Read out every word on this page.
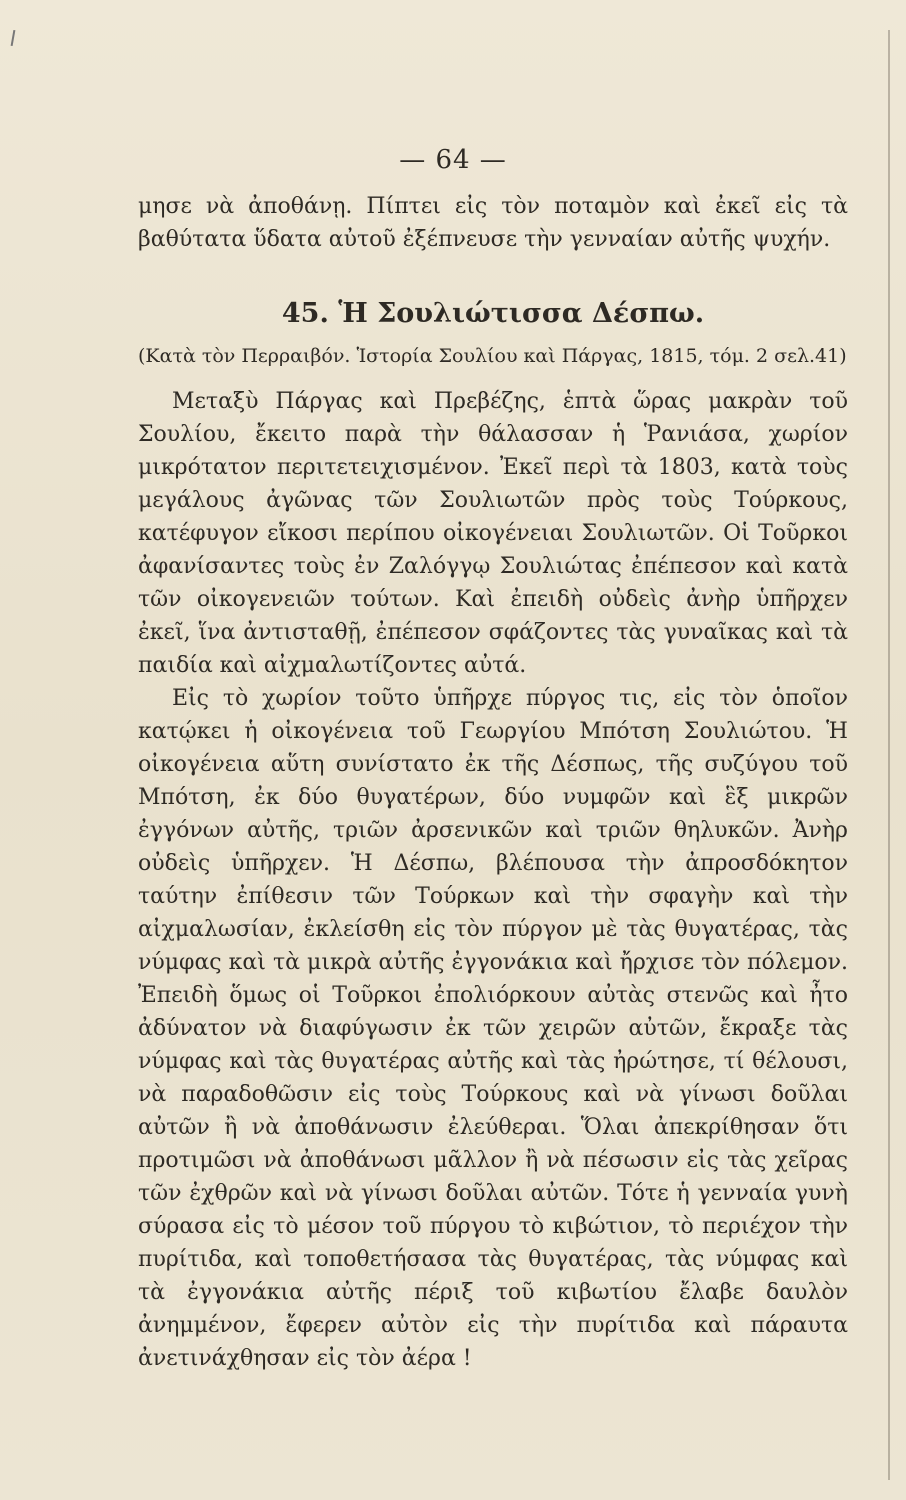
— 64 —

μησε νὰ ἀποθάνῃ. Πίπτει εἰς τὸν ποταμὸν καὶ ἐκεῖ εἰς τὰ βαθύτατα ὕδατα αὐτοῦ ἐξέπνευσε τὴν γενναίαν αὐτῆς ψυχήν.

45. Ἡ Σουλιώτισσα Δέσπω.
(Κατὰ τὸν Περραιβόν. Ἱστορία Σουλίου καὶ Πάργας, 1815, τόμ. 2 σελ.41)

Μεταξὺ Πάργας καὶ Πρεβέζης, ἑπτὰ ὥρας μακρὰν τοῦ Σουλίου, ἔκειτο παρὰ τὴν θάλασσαν ἡ Ῥανιάσα, χωρίον μικρότατον περιτετειχισμένον. Ἐκεῖ περὶ τὰ 1803, κατὰ τοὺς μεγάλους ἀγῶνας τῶν Σουλιωτῶν πρὸς τοὺς Τούρκους, κατέφυγον εἴκοσι περίπου οἰκογένειαι Σουλιωτῶν. Οἱ Τοῦρκοι ἀφανίσαντες τοὺς ἐν Ζαλόγγῳ Σουλιώτας ἐπέπεσον καὶ κατὰ τῶν οἰκογενειῶν τούτων. Καὶ ἐπειδὴ οὐδεὶς ἀνὴρ ὑπῆρχεν ἐκεῖ, ἵνα ἀντισταθῇ, ἐπέπεσον σφάζοντες τὰς γυναῖκας καὶ τὰ παιδία καὶ αἰχμαλωτίζοντες αὐτά.

Εἰς τὸ χωρίον τοῦτο ὑπῆρχε πύργος τις, εἰς τὸν ὁποῖον κατῴκει ἡ οἰκογένεια τοῦ Γεωργίου Μπότση Σουλιώτου. Ἡ οἰκογένεια αὕτη συνίστατο ἐκ τῆς Δέσπως, τῆς συζύγου τοῦ Μπότση, ἐκ δύο θυγατέρων, δύο νυμφῶν καὶ ἓξ μικρῶν ἐγγόνων αὐτῆς, τριῶν ἀρσενικῶν καὶ τριῶν θηλυκῶν. Ἀνὴρ οὐδεὶς ὑπῆρχεν. Ἡ Δέσπω, βλέπουσα τὴν ἀπροσδόκητον ταύτην ἐπίθεσιν τῶν Τούρκων καὶ τὴν σφαγὴν καὶ τὴν αἰχμαλωσίαν, ἐκλείσθη εἰς τὸν πύργον μὲ τὰς θυγατέρας, τὰς νύμφας καὶ τὰ μικρὰ αὐτῆς ἐγγονάκια καὶ ἤρχισε τὸν πόλεμον. Ἐπειδὴ ὅμως οἱ Τοῦρκοι ἐπολιόρκουν αὐτὰς στενῶς καὶ ἦτο ἀδύνατον νὰ διαφύγωσιν ἐκ τῶν χειρῶν αὐτῶν, ἔκραξε τὰς νύμφας καὶ τὰς θυγατέρας αὐτῆς καὶ τὰς ἠρώτησε, τί θέλουσι, νὰ παραδοθῶσιν εἰς τοὺς Τούρκους καὶ νὰ γίνωσι δοῦλαι αὐτῶν ἢ νὰ ἀποθάνωσιν ἐλεύθεραι. Ὅλαι ἀπεκρίθησαν ὅτι προτιμῶσι νὰ ἀποθάνωσι μᾶλλον ἢ νὰ πέσωσιν εἰς τὰς χεῖρας τῶν ἐχθρῶν καὶ νὰ γίνωσι δοῦλαι αὐτῶν. Τότε ἡ γενναία γυνὴ σύρασα εἰς τὸ μέσον τοῦ πύργου τὸ κιβώτιον, τὸ περιέχον τὴν πυρίτιδα, καὶ τοποθετήσασα τὰς θυγατέρας, τὰς νύμφας καὶ τὰ ἐγγονάκια αὐτῆς πέριξ τοῦ κιβωτίου ἔλαβε δαυλὸν ἀνημμένον, ἔφερεν αὐτὸν εἰς τὴν πυρίτιδα καὶ πάραυτα ἀνετινάχθησαν εἰς τὸν ἀέρα !
